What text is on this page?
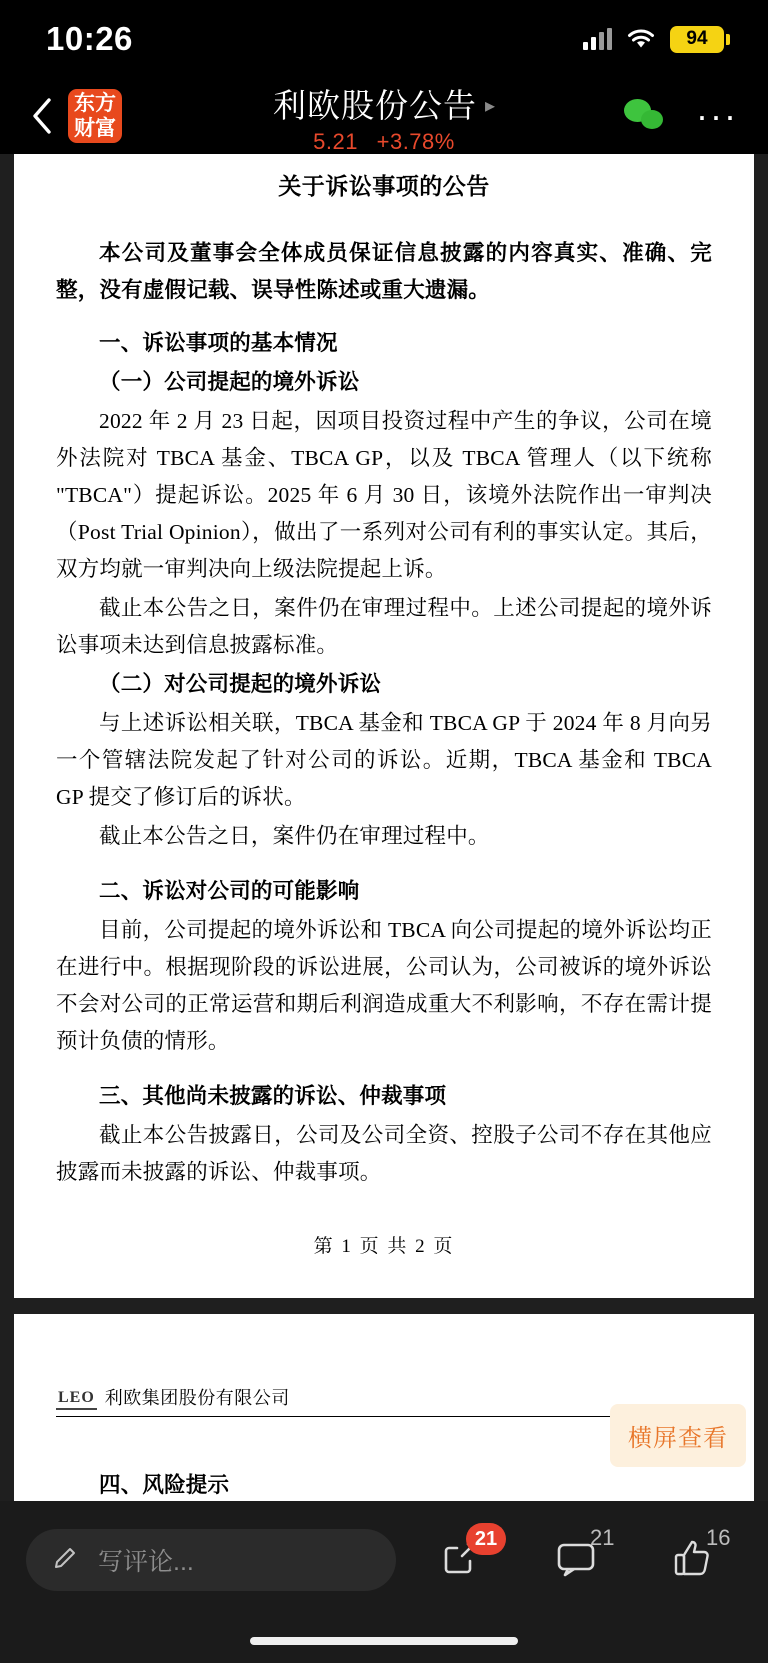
10:26	94
东方
财富
利欧股份公告 ▸
5.21 +3.78%
···
关于诉讼事项的公告

本公司及董事会全体成员保证信息披露的内容真实、准确、完整，没有虚假记载、误导性陈述或重大遗漏。

一、诉讼事项的基本情况

（一）公司提起的境外诉讼

2022 年 2 月 23 日起，因项目投资过程中产生的争议，公司在境外法院对 TBCA 基金、TBCA GP，以及 TBCA 管理人（以下统称 "TBCA"）提起诉讼。2025 年 6 月 30 日，该境外法院作出一审判决（Post Trial Opinion），做出了一系列对公司有利的事实认定。其后，双方均就一审判决向上级法院提起上诉。

截止本公告之日，案件仍在审理过程中。上述公司提起的境外诉讼事项未达到信息披露标准。

（二）对公司提起的境外诉讼

与上述诉讼相关联，TBCA 基金和 TBCA GP 于 2024 年 8 月向另一个管辖法院发起了针对公司的诉讼。近期，TBCA 基金和 TBCA GP 提交了修订后的诉状。

截止本公告之日，案件仍在审理过程中。

二、诉讼对公司的可能影响

目前，公司提起的境外诉讼和 TBCA 向公司提起的境外诉讼均正在进行中。根据现阶段的诉讼进展，公司认为，公司被诉的境外诉讼不会对公司的正常运营和期后利润造成重大不利影响，不存在需计提预计负债的情形。

三、其他尚未披露的诉讼、仲裁事项

截止本公告披露日，公司及公司全资、控股子公司不存在其他应披露而未披露的诉讼、仲裁事项。

第 1 页 共 2 页
LEO 利欧集团股份有限公司

四、风险提示

横屏查看
写评论...
21	21	16
